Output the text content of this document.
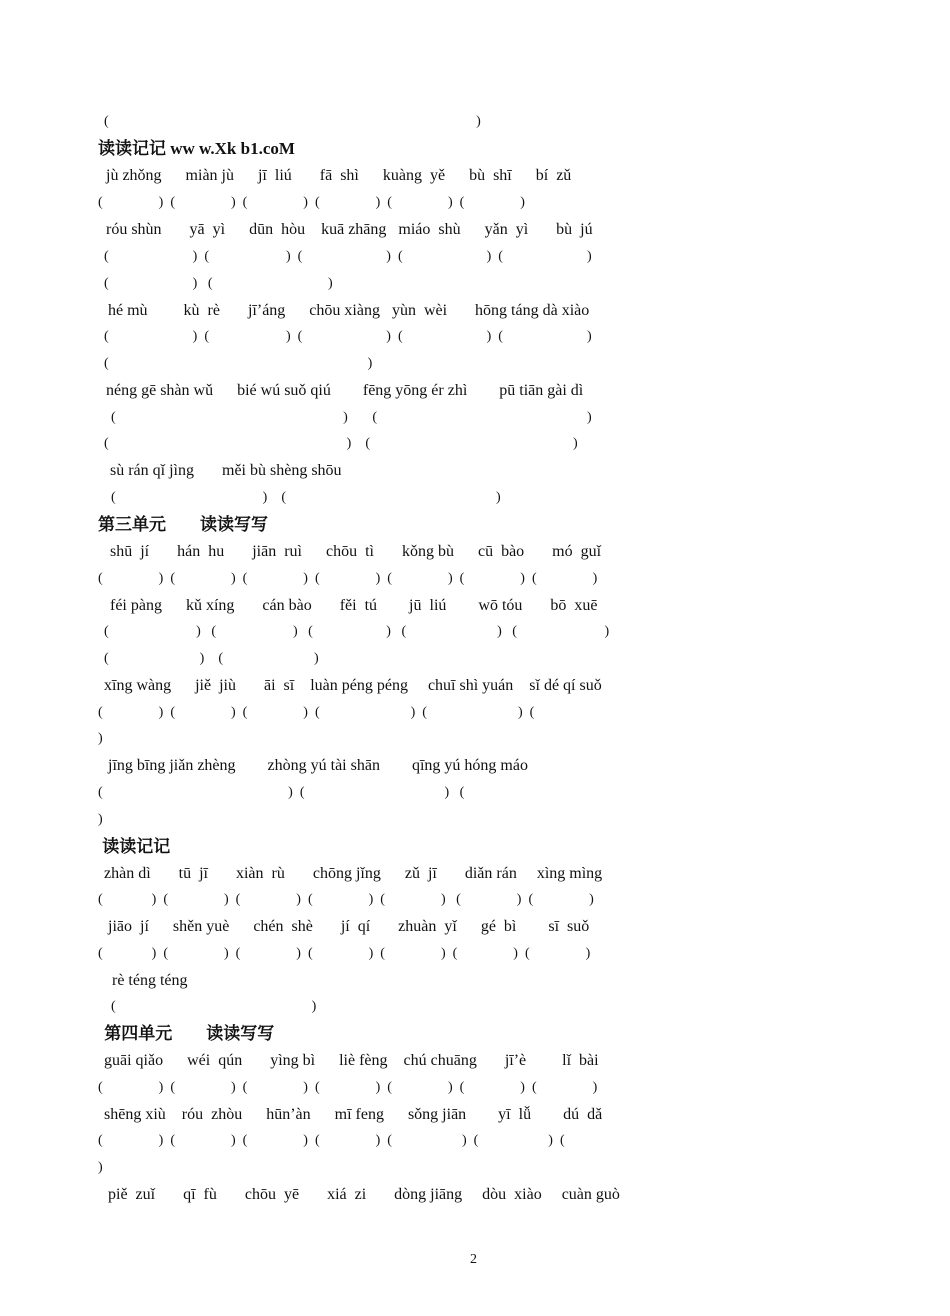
(                                                                                                         )
读读记记 ww w.Xk b1.coM
jù zhǒng      miàn jù      jī  liú       fā  shì      kuàng  yě      bù  shī      bí  zǔ
(                )  (                )  (                )  (                )  (                )  (                )
róu shùn       yā  yì      dūn  hòu    kuā zhāng   miáo  shù      yǎn  yì       bù  jú
(                        )  (                      )  (                        )  (                        )  (                        )
(                        )   (                                 )
hé mù         kù  rè       jī’áng      chōu xiàng   yùn  wèi       hōng táng dà xiào
(                        )  (                      )  (                        )  (                        )  (                        )
(                                                                          )
néng gē shàn wǔ      bié wú suǒ qiú        fēng yōng ér zhì        pū tiān gài dì
(                                                                 )       (                                                            )
(                                                                    )    (                                                          )
sù rán qǐ jìng       měi bù shèng shōu
(                                          )    (                                                            )
第三单元        读读写写
shū  jí       hán  hu       jiān  ruì      chōu  tì       kǒng bù      cū  bào       mó  guǐ
(                )  (                )  (                )  (                )  (                )  (                )  (                )
féi pàng      kǔ xíng       cán bào       fěi  tú        jū  liú        wō tóu       bō  xuē
(                         )   (                      )   (                     )   (                          )   (                         )
(                          )    (                          )
xīng wàng      jiě  jiù       āi  sī    luàn péng péng     chuī shì yuán    sǐ dé qí suǒ
(                )  (                )  (                )  (                          )  (                          )  (
)
jīng bīng jiǎn zhèng        zhòng yú tài shān        qīng yú hóng máo
(                                                     )  (                                        )   (
)
读读记记
zhàn dì       tū  jī       xiàn  rù       chōng jǐng      zǔ  jī       diǎn rán     xìng mìng
(              )  (                )  (                )  (                )  (                )   (                )  (                )
jiāo  jí      shěn yuè      chén  shè       jí  qí       zhuàn  yǐ      gé  bì        sī  suǒ
(              )  (                )  (                )  (                )  (                )  (                )  (                )
rè téng téng
(                                                        )
第四单元        读读写写
guāi qiǎo      wéi  qún       yìng bì      liè fèng    chú chuāng       jī’è         lǐ  bài
(                )  (                )  (                )  (                )  (                )  (                )  (                )
shēng xiù    róu  zhòu      hūn’àn      mī feng      sǒng jiān        yī  lǚ        dú  dǎ
(                )  (                )  (                )  (                )  (                    )  (                    )  (
)
piě  zuǐ       qī  fù       chōu  yē       xiá  zi       dòng jiāng     dòu  xiào     cuàn guò
2
